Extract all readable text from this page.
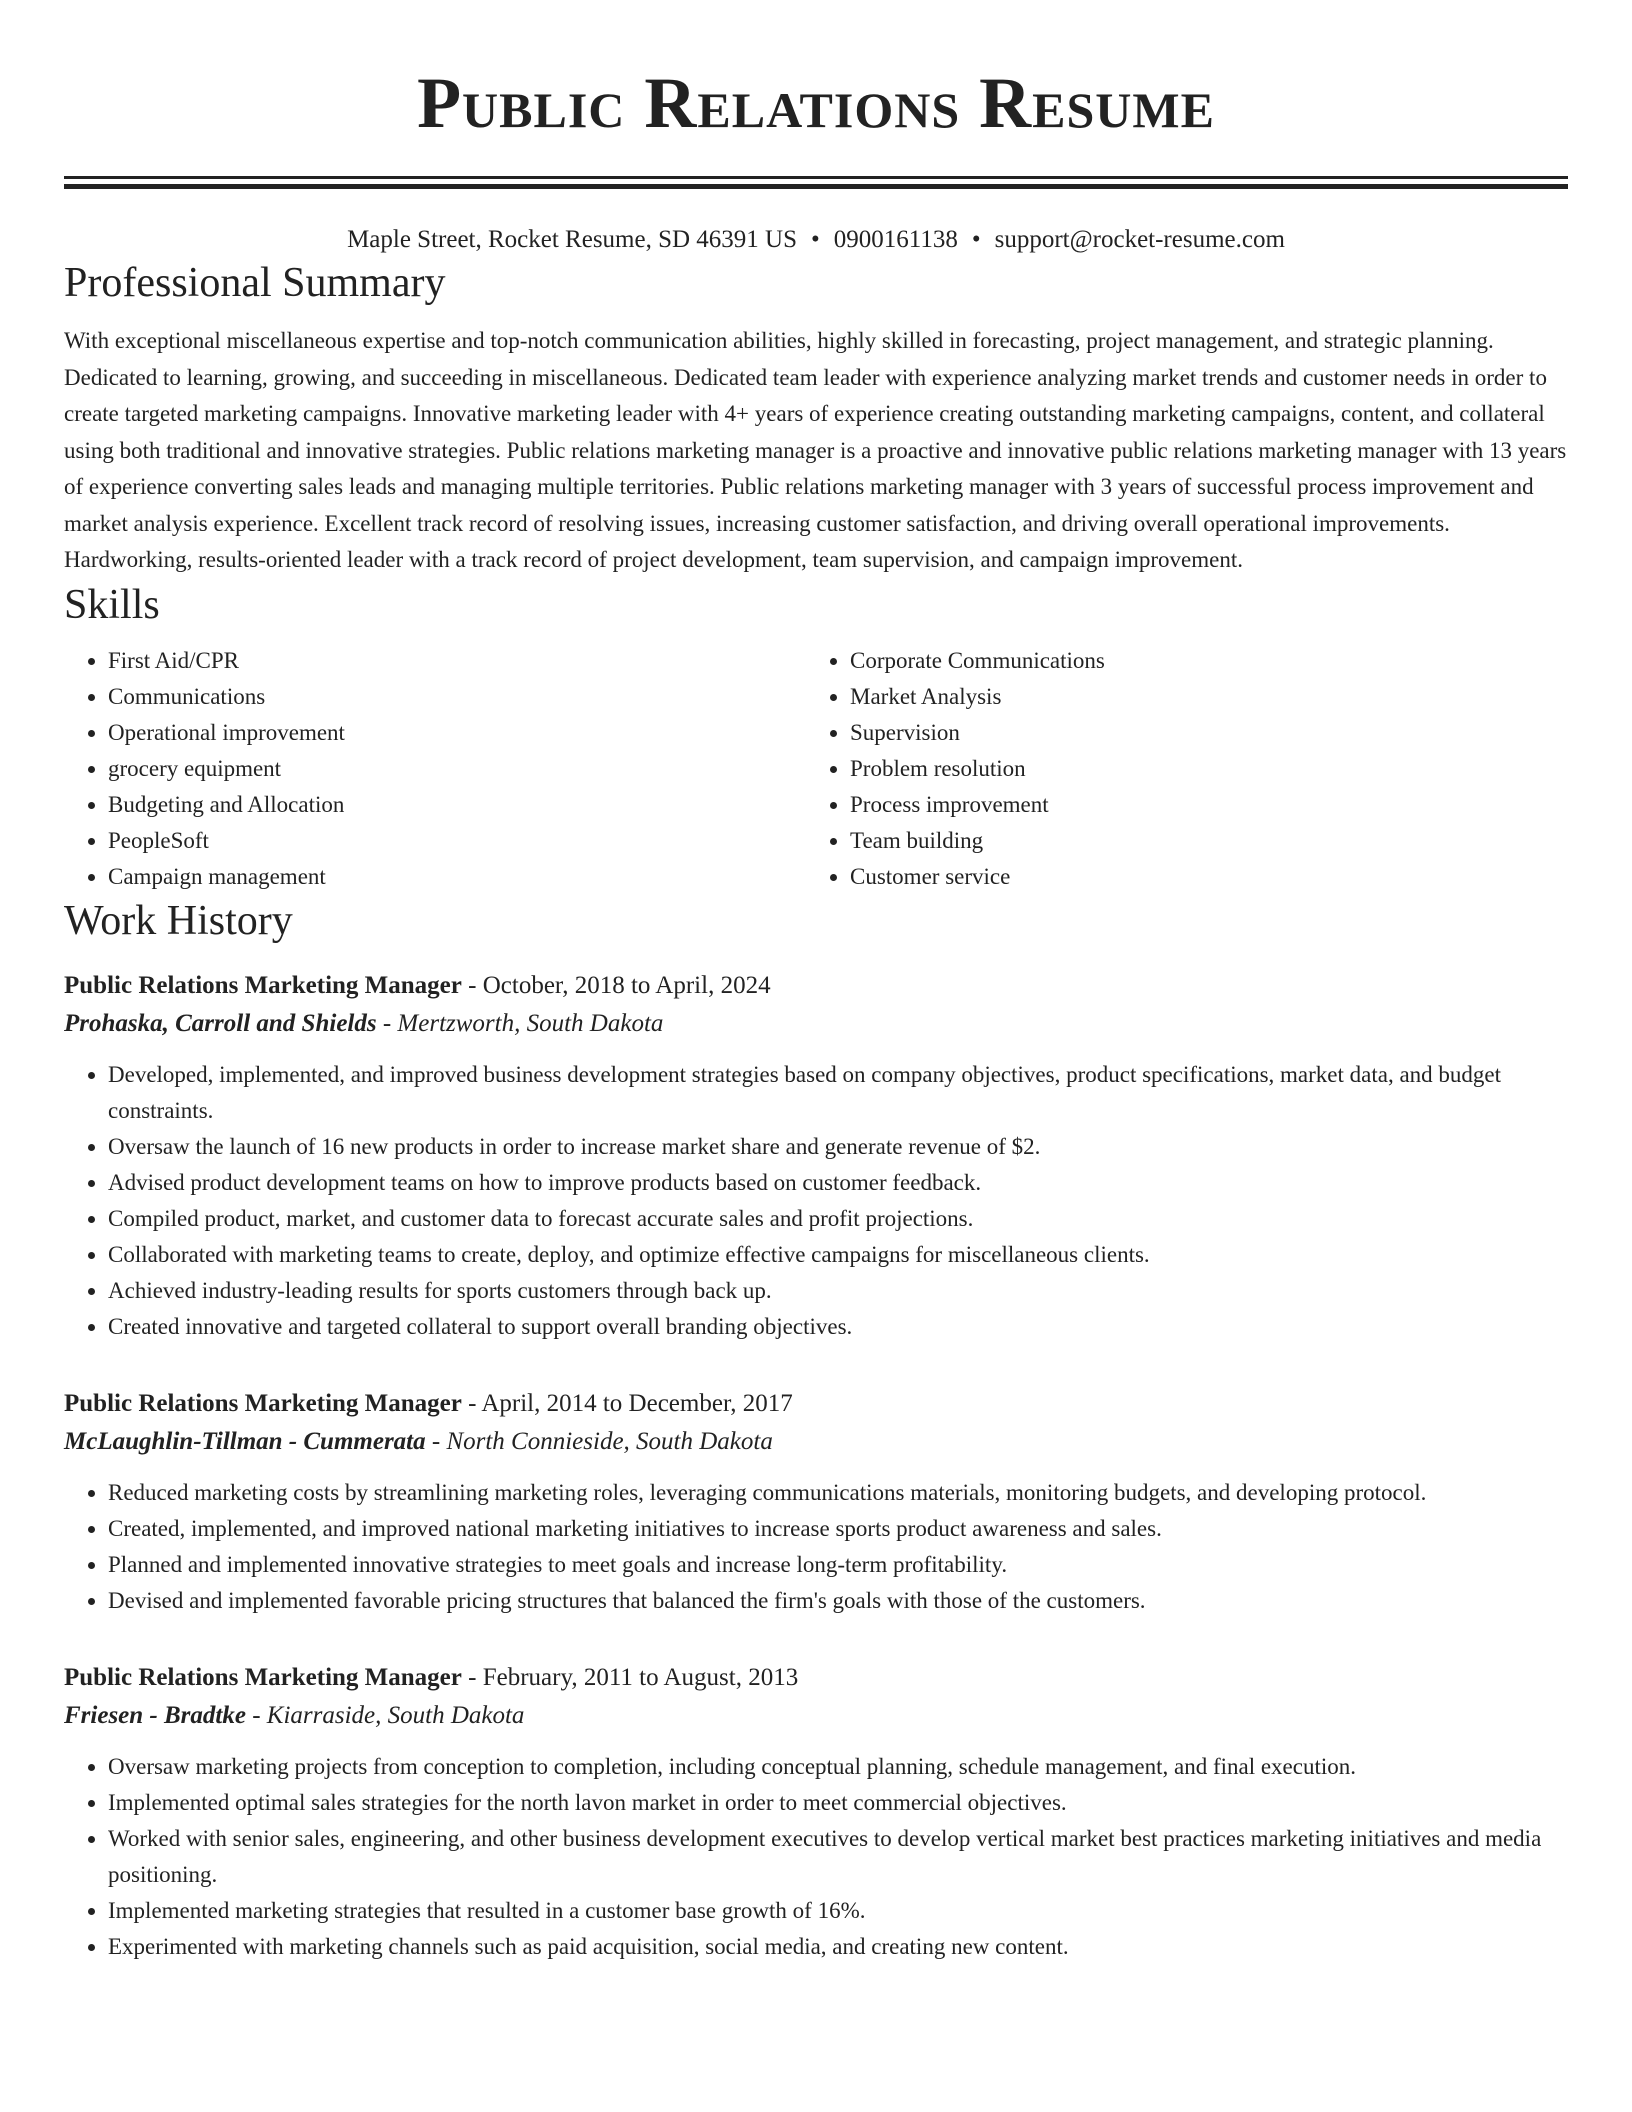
Public Relations Resume
Maple Street, Rocket Resume, SD 46391 US • 0900161138 • support@rocket-resume.com
Professional Summary
With exceptional miscellaneous expertise and top-notch communication abilities, highly skilled in forecasting, project management, and strategic planning. Dedicated to learning, growing, and succeeding in miscellaneous. Dedicated team leader with experience analyzing market trends and customer needs in order to create targeted marketing campaigns. Innovative marketing leader with 4+ years of experience creating outstanding marketing campaigns, content, and collateral using both traditional and innovative strategies. Public relations marketing manager is a proactive and innovative public relations marketing manager with 13 years of experience converting sales leads and managing multiple territories. Public relations marketing manager with 3 years of successful process improvement and market analysis experience. Excellent track record of resolving issues, increasing customer satisfaction, and driving overall operational improvements. Hardworking, results-oriented leader with a track record of project development, team supervision, and campaign improvement.
Skills
• First Aid/CPR
• Communications
• Operational improvement
• grocery equipment
• Budgeting and Allocation
• PeopleSoft
• Campaign management
• Corporate Communications
• Market Analysis
• Supervision
• Problem resolution
• Process improvement
• Team building
• Customer service
Work History
Public Relations Marketing Manager - October, 2018 to April, 2024
Prohaska, Carroll and Shields - Mertzworth, South Dakota
• Developed, implemented, and improved business development strategies based on company objectives, product specifications, market data, and budget constraints.
• Oversaw the launch of 16 new products in order to increase market share and generate revenue of $2.
• Advised product development teams on how to improve products based on customer feedback.
• Compiled product, market, and customer data to forecast accurate sales and profit projections.
• Collaborated with marketing teams to create, deploy, and optimize effective campaigns for miscellaneous clients.
• Achieved industry-leading results for sports customers through back up.
• Created innovative and targeted collateral to support overall branding objectives.
Public Relations Marketing Manager - April, 2014 to December, 2017
McLaughlin-Tillman - Cummerata - North Connieside, South Dakota
• Reduced marketing costs by streamlining marketing roles, leveraging communications materials, monitoring budgets, and developing protocol.
• Created, implemented, and improved national marketing initiatives to increase sports product awareness and sales.
• Planned and implemented innovative strategies to meet goals and increase long-term profitability.
• Devised and implemented favorable pricing structures that balanced the firm's goals with those of the customers.
Public Relations Marketing Manager - February, 2011 to August, 2013
Friesen - Bradtke - Kiarraside, South Dakota
• Oversaw marketing projects from conception to completion, including conceptual planning, schedule management, and final execution.
• Implemented optimal sales strategies for the north lavon market in order to meet commercial objectives.
• Worked with senior sales, engineering, and other business development executives to develop vertical market best practices marketing initiatives and media positioning.
• Implemented marketing strategies that resulted in a customer base growth of 16%.
• Experimented with marketing channels such as paid acquisition, social media, and creating new content.
